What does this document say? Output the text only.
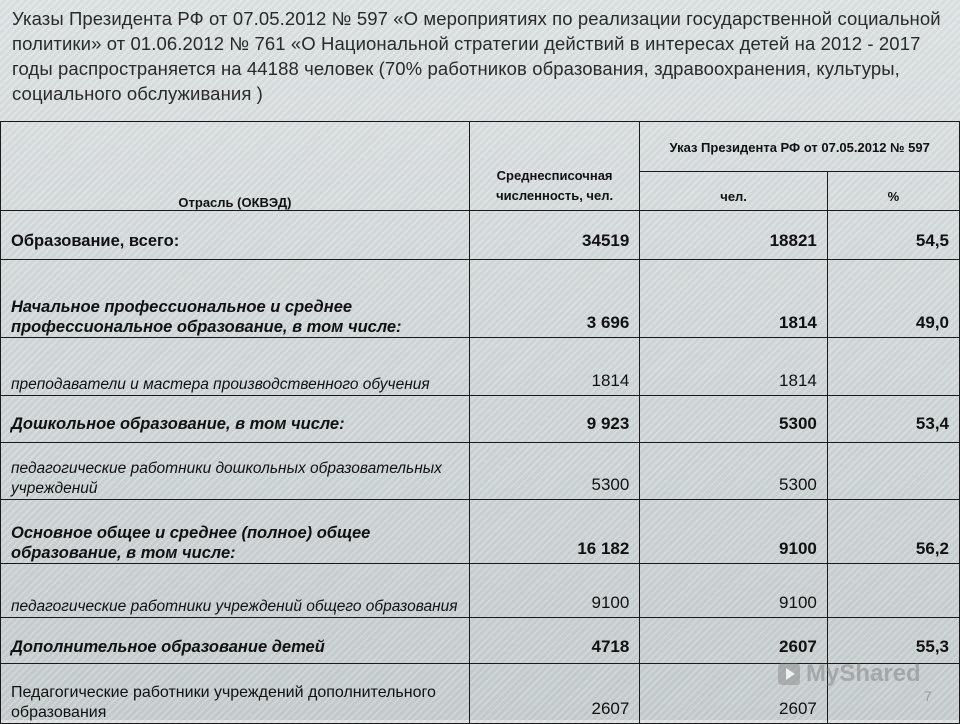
Указы Президента РФ от 07.05.2012 № 597 «О мероприятиях по реализации государственной социальной политики» от 01.06.2012 № 761 «О Национальной стратегии действий в интересах детей на 2012 - 2017 годы распространяется на 44188 человек (70% работников образования, здравоохранения, культуры, социального обслуживания )
Отрасль (ОКВЭД)	Среднесписочная численность, чел.	Указ Президента РФ от 07.05.2012 № 597	
		чел.	%
Образование, всего:	34519	18821	54,5
Начальное профессиональное и среднее профессиональное образование, в том числе:	3 696	1814	49,0
преподаватели и мастера производственного обучения	1814	1814	
Дошкольное образование, в том числе:	9 923	5300	53,4
педагогические работники дошкольных образовательных учреждений	5300	5300	
Основное общее и среднее (полное) общее образование, в том числе:	16 182	9100	56,2
педагогические работники учреждений общего образования	9100	9100	
Дополнительное образование детей	4718	2607	55,3
Педагогические работники учреждений дополнительного образования	2607	2607	
MyShared
7
